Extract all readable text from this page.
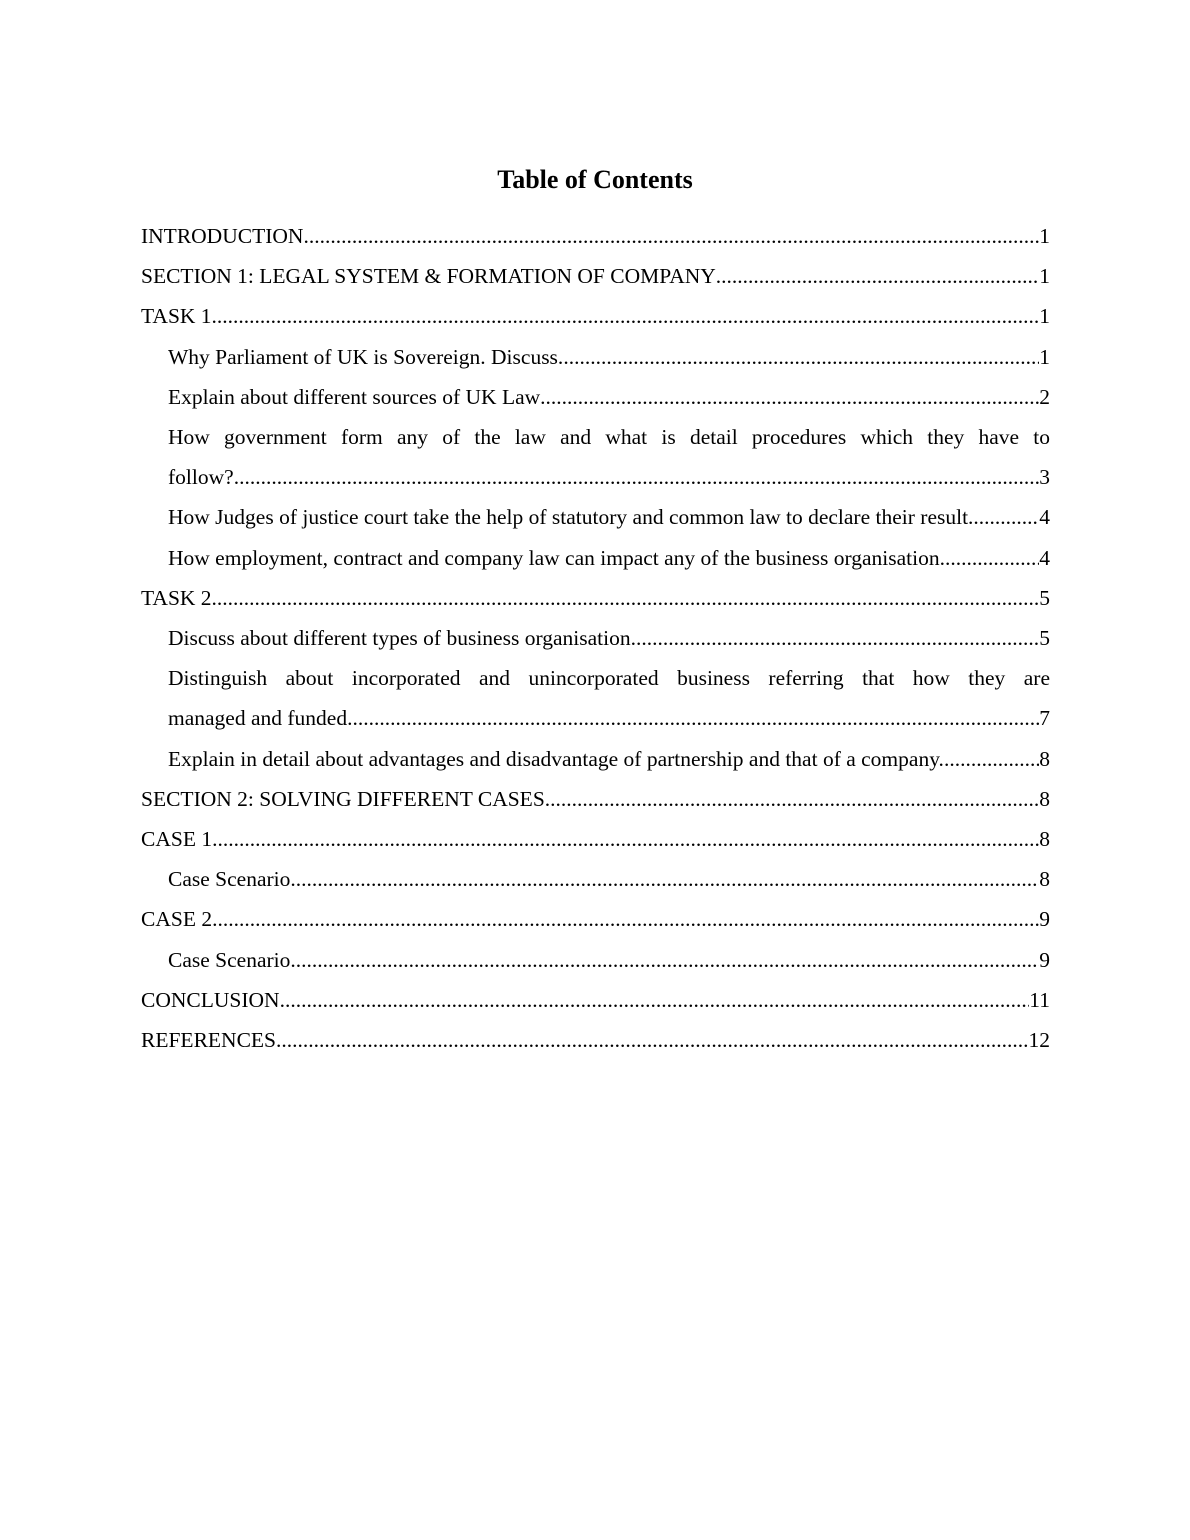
Table of Contents
INTRODUCTION .....	1
SECTION 1: LEGAL SYSTEM & FORMATION OF COMPANY .....	1
TASK 1 .....	1
Why Parliament of UK is Sovereign. Discuss. .....	1
Explain about different sources of UK Law .....	2
How government form any of the law and what is detail procedures which they have to
follow? .....	3
How Judges of justice court take the help of statutory and common law to declare their result .....	4
How employment, contract and company law can impact any of the business organisation. .....	4
TASK 2 .....	5
Discuss about different types of business organisation .....	5
Distinguish about incorporated and unincorporated business referring that how they are
managed and funded. .....	7
Explain in detail about advantages and disadvantage of partnership and that of a company. .....	8
SECTION 2: SOLVING DIFFERENT CASES .....	8
CASE 1 .....	8
Case Scenario .....	8
CASE 2 .....	9
Case Scenario .....	9
CONCLUSION .....	11
REFERENCES .....	12
